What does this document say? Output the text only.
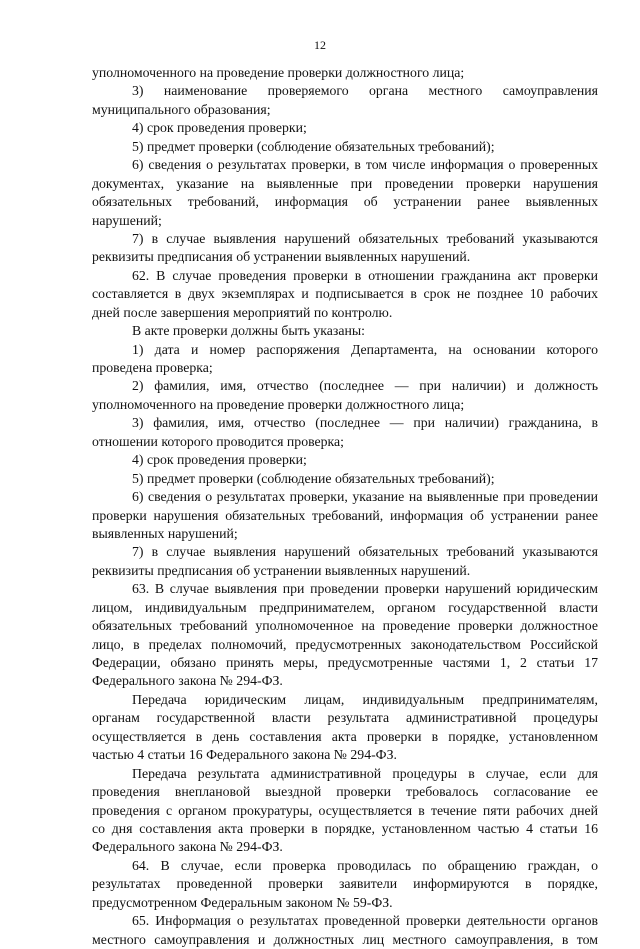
12
уполномоченного на проведение проверки должностного лица;
3) наименование проверяемого органа местного самоуправления
муниципального образования;
4) срок проведения проверки;
5) предмет проверки (соблюдение обязательных требований);
6) сведения о результатах проверки, в том числе информация о проверенных
документах, указание на выявленные при проведении проверки нарушения
обязательных требований, информация об устранении ранее выявленных
нарушений;
7) в случае выявления нарушений обязательных требований указываются
реквизиты предписания об устранении выявленных нарушений.
62. В случае проведения проверки в отношении гражданина акт проверки
составляется в двух экземплярах и подписывается в срок не позднее 10 рабочих
дней после завершения мероприятий по контролю.
В акте проверки должны быть указаны:
1) дата и номер распоряжения Департамента, на основании которого
проведена проверка;
2) фамилия, имя, отчество (последнее — при наличии) и должность
уполномоченного на проведение проверки должностного лица;
3) фамилия, имя, отчество (последнее — при наличии) гражданина, в
отношении которого проводится проверка;
4) срок проведения проверки;
5) предмет проверки (соблюдение обязательных требований);
6) сведения о результатах проверки, указание на выявленные при проведении
проверки нарушения обязательных требований, информация об устранении ранее
выявленных нарушений;
7) в случае выявления нарушений обязательных требований указываются
реквизиты предписания об устранении выявленных нарушений.
63. В случае выявления при проведении проверки нарушений юридическим
лицом, индивидуальным предпринимателем, органом государственной власти
обязательных требований уполномоченное на проведение проверки должностное
лицо, в пределах полномочий, предусмотренных законодательством Российской
Федерации, обязано принять меры, предусмотренные частями 1, 2 статьи 17
Федерального закона № 294-ФЗ.
Передача юридическим лицам, индивидуальным предпринимателям,
органам государственной власти результата административной процедуры
осуществляется в день составления акта проверки в порядке, установленном
частью 4 статьи 16 Федерального закона № 294-ФЗ.
Передача результата административной процедуры в случае, если для
проведения внеплановой выездной проверки требовалось согласование ее
проведения с органом прокуратуры, осуществляется в течение пяти рабочих дней
со дня составления акта проверки в порядке, установленном частью 4 статьи 16
Федерального закона № 294-ФЗ.
64. В случае, если проверка проводилась по обращению граждан, о
результатах проведенной проверки заявители информируются в порядке,
предусмотренном Федеральным законом № 59-ФЗ.
65. Информация о результатах проведенной проверки деятельности органов
местного самоуправления и должностных лиц местного самоуправления, в том
